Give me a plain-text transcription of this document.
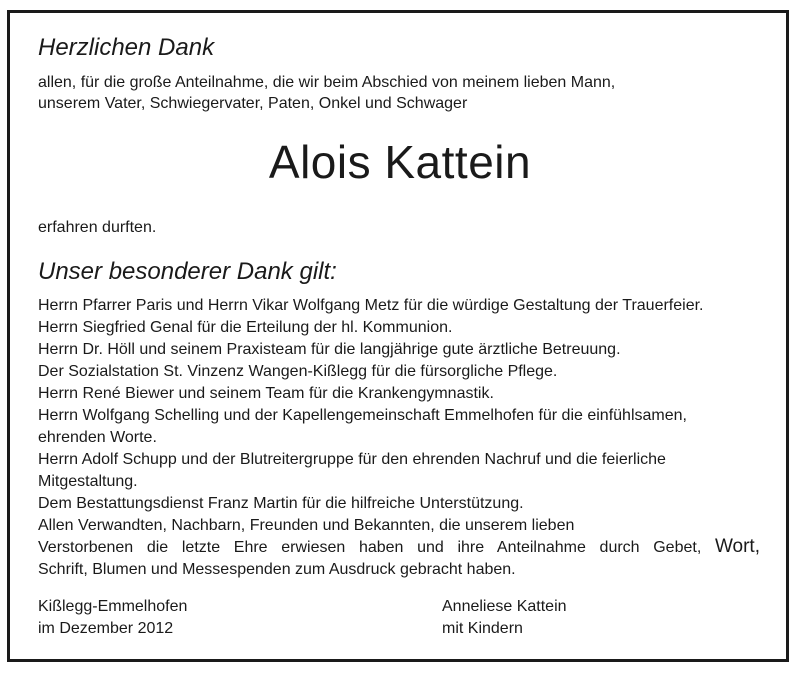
Herzlichen Dank
allen, für die große Anteilnahme, die wir beim Abschied von meinem lieben Mann,
unserem Vater, Schwiegervater, Paten, Onkel und Schwager
Alois Kattein
erfahren durften.
Unser besonderer Dank gilt:
Herrn Pfarrer Paris und Herrn Vikar Wolfgang Metz für die würdige Gestaltung der Trauerfeier.
Herrn Siegfried Genal für die Erteilung der hl. Kommunion.
Herrn Dr. Höll und seinem Praxisteam für die langjährige gute ärztliche Betreuung.
Der Sozialstation St. Vinzenz Wangen-Kißlegg für die fürsorgliche Pflege.
Herrn René Biewer und seinem Team für die Krankengymnastik.
Herrn Wolfgang Schelling und der Kapellengemeinschaft Emmelhofen für die einfühlsamen,
ehrenden Worte.
Herrn Adolf Schupp und der Blutreitergruppe für den ehrenden Nachruf und die feierliche
Mitgestaltung.
Dem Bestattungsdienst Franz Martin für die hilfreiche Unterstützung.
Allen Verwandten, Nachbarn, Freunden und Bekannten, die unserem lieben
Verstorbenen die letzte Ehre erwiesen haben und ihre Anteilnahme durch Gebet, Wort,
Schrift, Blumen und Messespenden zum Ausdruck gebracht haben.
Kißlegg-Emmelhofen
im Dezember 2012
Anneliese Kattein
mit Kindern
